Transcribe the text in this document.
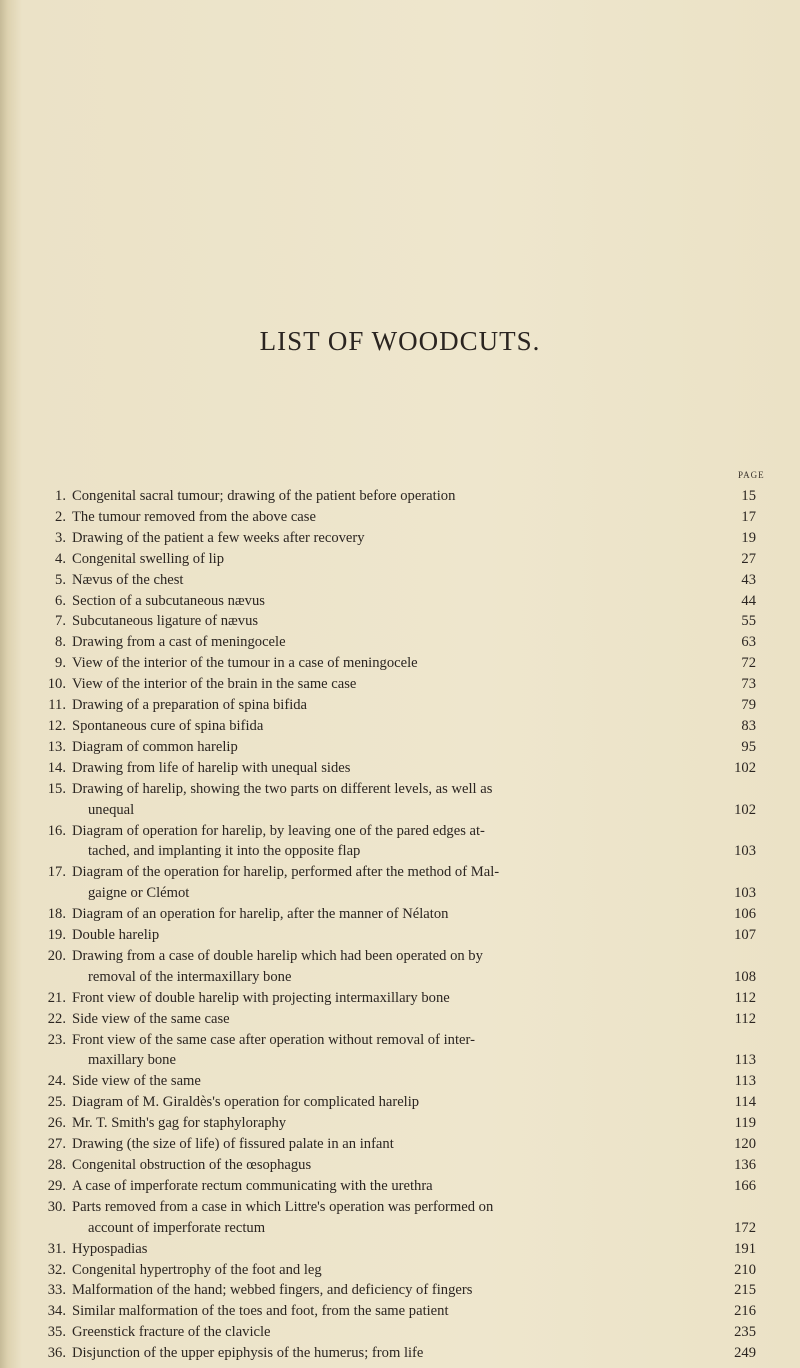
LIST OF WOODCUTS.
PAGE
1. Congenital sacral tumour; drawing of the patient before operation	15
2. The tumour removed from the above case	17
3. Drawing of the patient a few weeks after recovery	19
4. Congenital swelling of lip	27
5. Nævus of the chest	43
6. Section of a subcutaneous nævus	44
7. Subcutaneous ligature of nævus	55
8. Drawing from a cast of meningocele	63
9. View of the interior of the tumour in a case of meningocele	72
10. View of the interior of the brain in the same case	73
11. Drawing of a preparation of spina bifida	79
12. Spontaneous cure of spina bifida	83
13. Diagram of common harelip	95
14. Drawing from life of harelip with unequal sides	102
15. Drawing of harelip, showing the two parts on different levels, as well as
unequal	102
16. Diagram of operation for harelip, by leaving one of the pared edges at-
tached, and implanting it into the opposite flap	103
17. Diagram of the operation for harelip, performed after the method of Mal-
gaigne or Clémot	103
18. Diagram of an operation for harelip, after the manner of Nélaton	106
19. Double harelip	107
20. Drawing from a case of double harelip which had been operated on by
removal of the intermaxillary bone	108
21. Front view of double harelip with projecting intermaxillary bone	112
22. Side view of the same case	112
23. Front view of the same case after operation without removal of inter-
maxillary bone	113
24. Side view of the same	113
25. Diagram of M. Giraldès's operation for complicated harelip	114
26. Mr. T. Smith's gag for staphyloraphy	119
27. Drawing (the size of life) of fissured palate in an infant	120
28. Congenital obstruction of the œsophagus	136
29. A case of imperforate rectum communicating with the urethra	166
30. Parts removed from a case in which Littre's operation was performed on
account of imperforate rectum	172
31. Hypospadias	191
32. Congenital hypertrophy of the foot and leg	210
33. Malformation of the hand; webbed fingers, and deficiency of fingers	215
34. Similar malformation of the toes and foot, from the same patient	216
35. Greenstick fracture of the clavicle	235
36. Disjunction of the upper epiphysis of the humerus; from life	249
